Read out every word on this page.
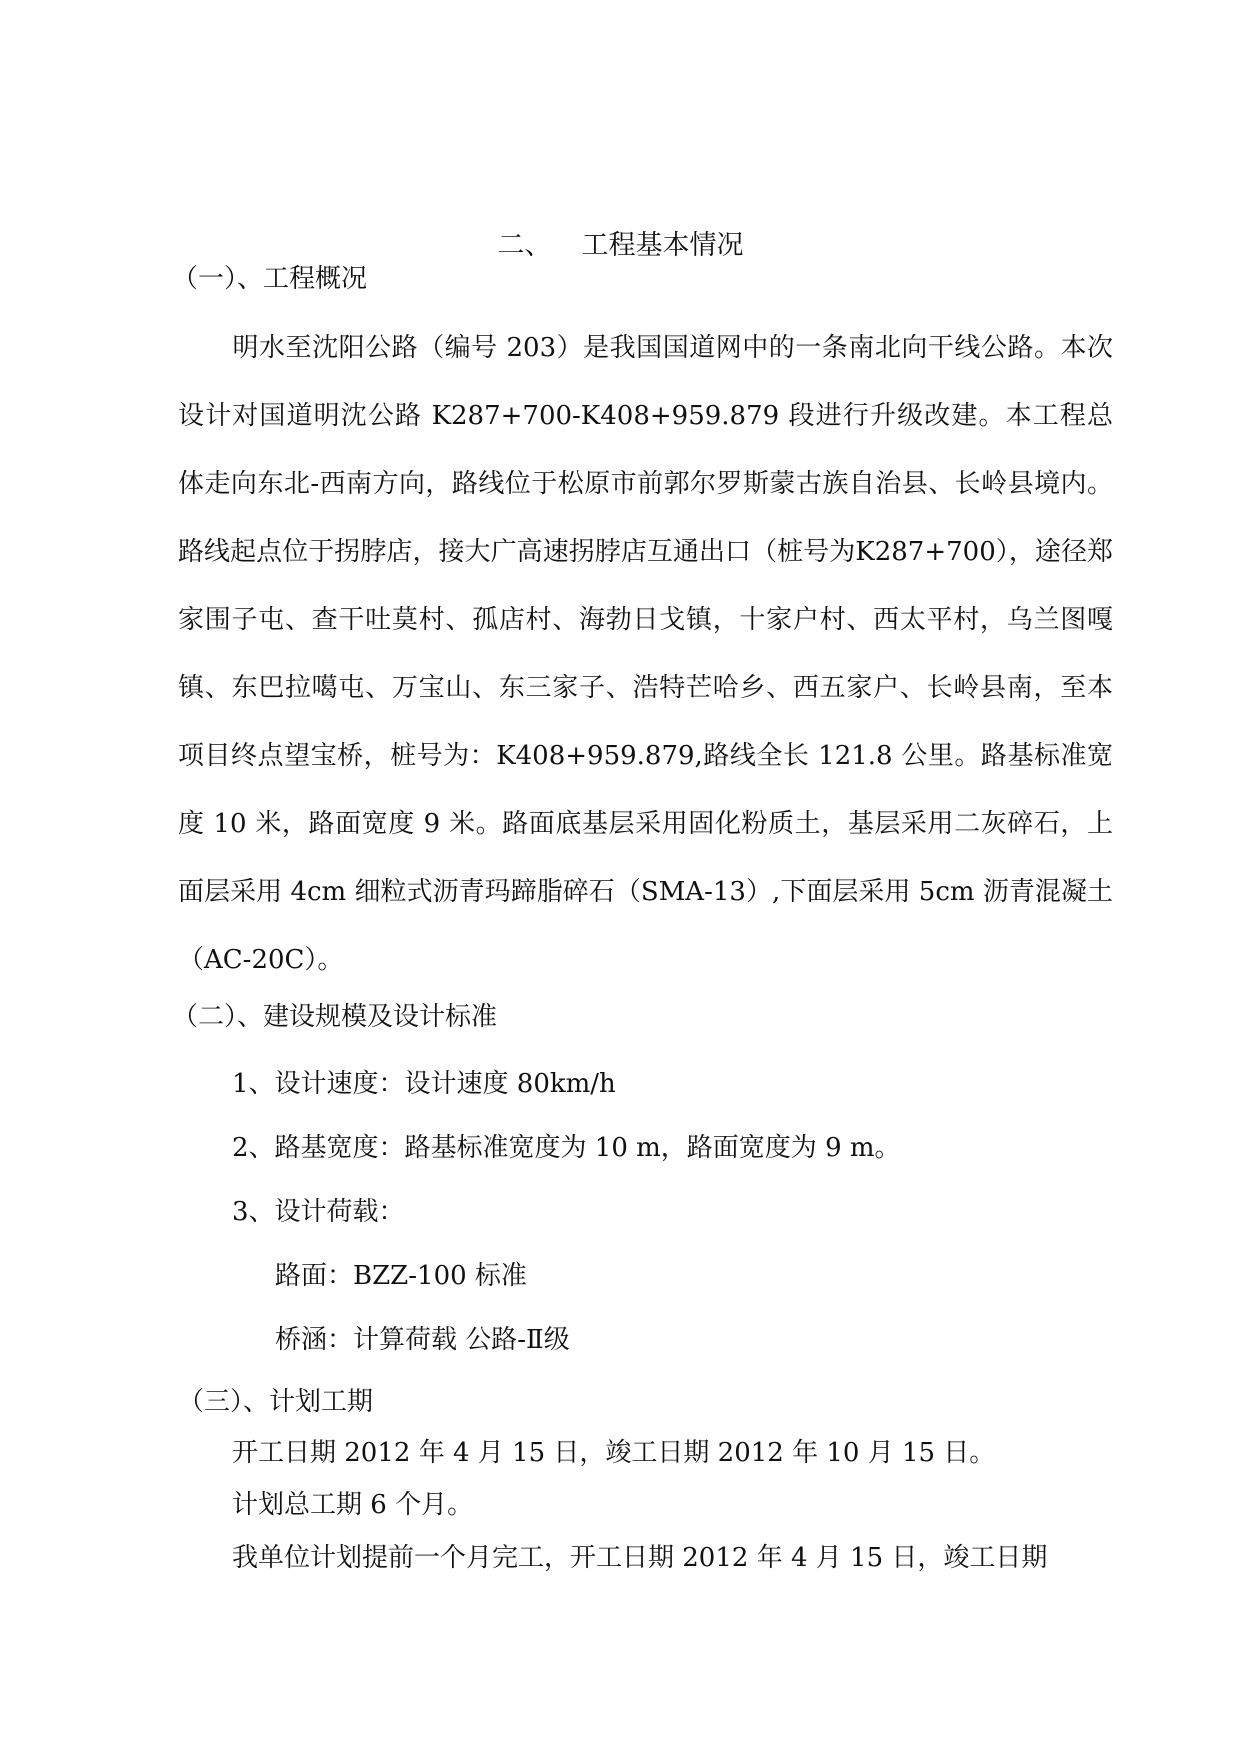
二、 工程基本情况
（一）、工程概况
明水至沈阳公路（编号 203）是我国国道网中的一条南北向干线公路。本次设计对国道明沈公路 K287+700-K408+959.879 段进行升级改建。本工程总体走向东北-西南方向，路线位于松原市前郭尔罗斯蒙古族自治县、长岭县境内。路线起点位于拐脖店，接大广高速拐脖店互通出口（桩号为K287+700），途径郑家围子屯、查干吐莫村、孤店村、海勃日戈镇，十家户村、西太平村，乌兰图嘎镇、东巴拉噶屯、万宝山、东三家子、浩特芒哈乡、西五家户、长岭县南，至本项目终点望宝桥，桩号为：K408+959.879,路线全长 121.8 公里。路基标准宽度 10 米，路面宽度 9 米。路面底基层采用固化粉质土，基层采用二灰碎石，上面层采用 4cm 细粒式沥青玛蹄脂碎石（SMA-13）,下面层采用 5cm 沥青混凝土（AC-20C）。
（二）、建设规模及设计标准
1、设计速度：设计速度 80km/h
2、路基宽度：路基标准宽度为 10 m，路面宽度为 9 m。
3、设计荷载：
路面：BZZ-100 标准
桥涵：计算荷载 公路-Ⅱ级
（三）、计划工期
开工日期 2012 年 4 月 15 日，竣工日期 2012 年 10 月 15 日。
计划总工期 6 个月。
我单位计划提前一个月完工，开工日期 2012 年 4 月 15 日，竣工日期
